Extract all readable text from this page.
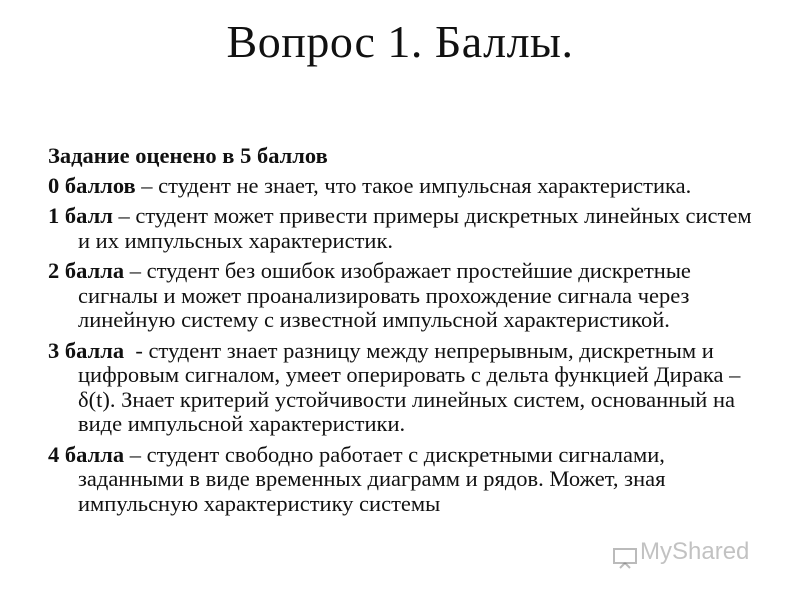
Вопрос 1. Баллы.
Задание оценено в 5 баллов
0 баллов – студент не знает, что такое импульсная характеристика.
1 балл – студент может привести примеры дискретных линейных систем и их импульсных характеристик.
2 балла – студент без ошибок изображает простейшие дискретные сигналы и может проанализировать прохождение сигнала через линейную систему с известной импульсной характеристикой.
3 балла  - студент знает разницу между непрерывным, дискретным и цифровым сигналом, умеет оперировать с дельта функцией Дирака – δ(t). Знает критерий устойчивости линейных систем, основанный на виде импульсной характеристики.
4 балла – студент свободно работает с дискретными сигналами, заданными в виде временных диаграмм и рядов. Может, зная импульсную характеристику системы
MyShared
